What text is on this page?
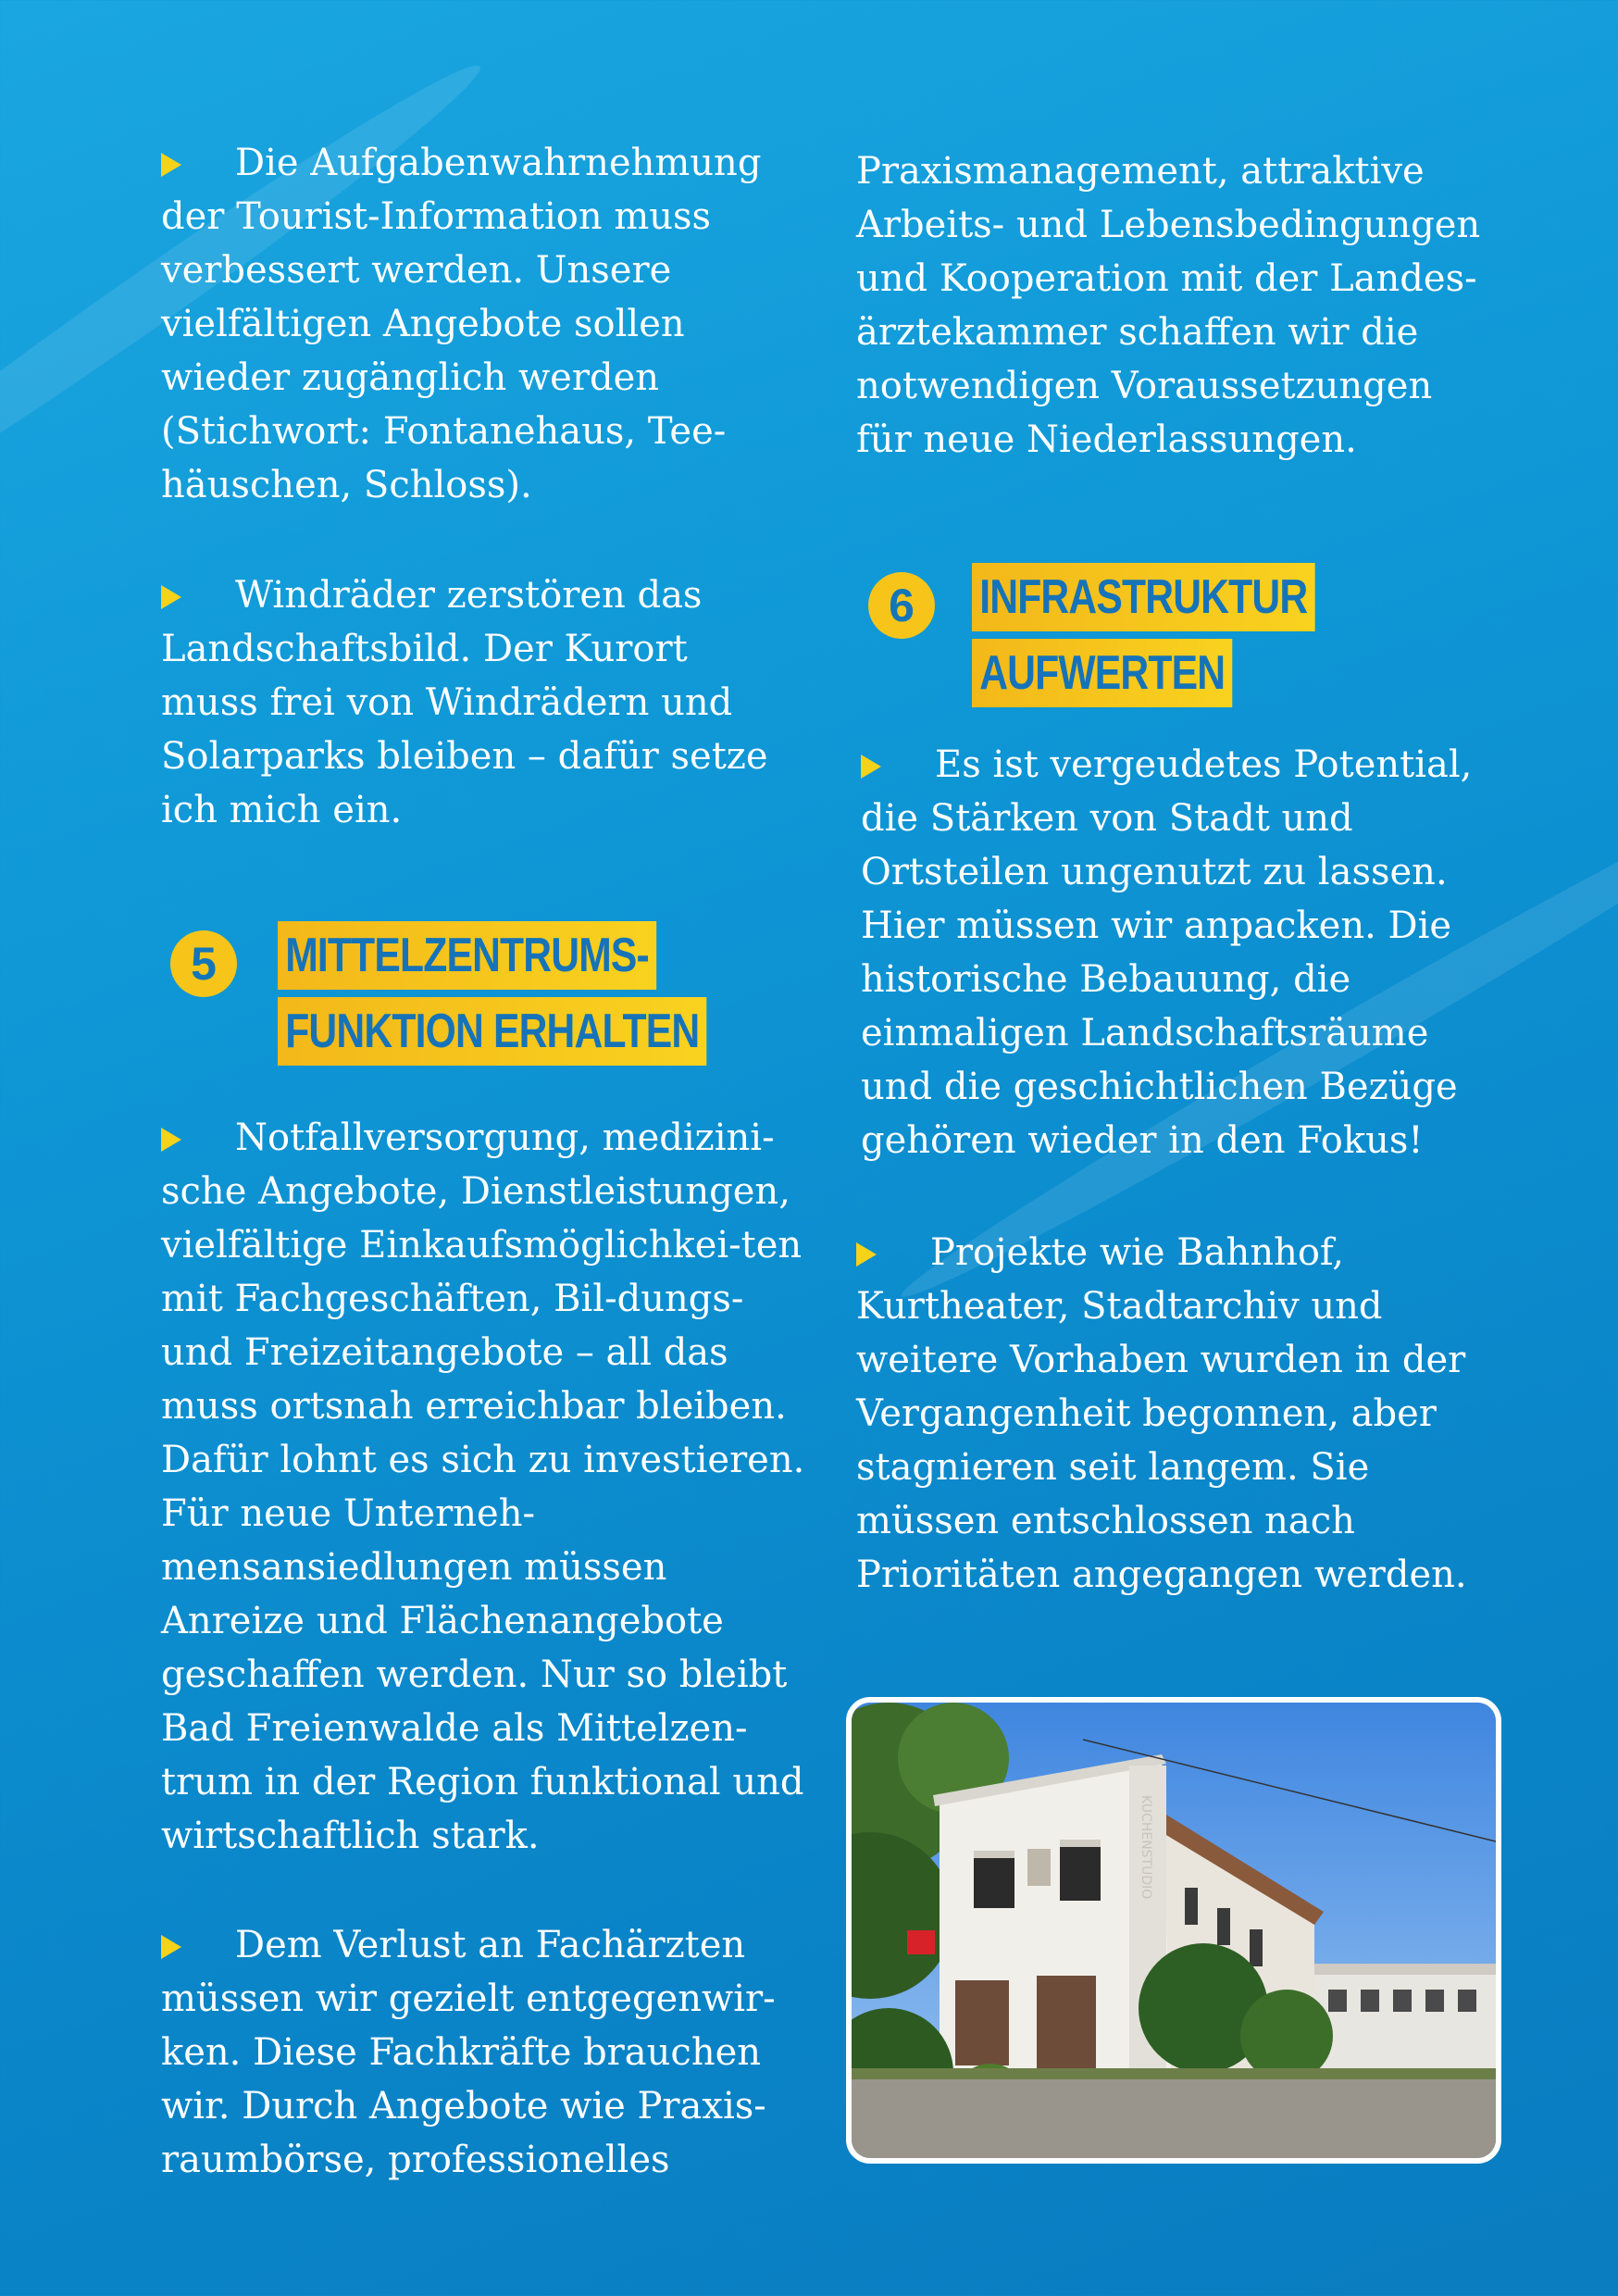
Die Aufgabenwahrnehmung der Tourist-Information muss verbessert werden. Unsere vielfältigen Angebote sollen wieder zugänglich werden (Stichwort: Fontanehaus, Tee-häuschen, Schloss).

Windräder zerstören das Landschaftsbild. Der Kurort muss frei von Windrädern und Solarparks bleiben – dafür setze ich mich ein.

5	MITTELZENTRUMS-
FUNKTION ERHALTEN

Notfallversorgung, medizini-sche Angebote, Dienstleistungen, vielfältige Einkaufsmöglichkei-ten mit Fachgeschäften, Bil-dungs- und Freizeitangebote – all das muss ortsnah erreichbar bleiben. Dafür lohnt es sich zu investieren. Für neue Unterneh-mensansiedlungen müssen Anreize und Flächenangebote geschaffen werden. Nur so bleibt Bad Freienwalde als Mittelzen-trum in der Region funktional und wirtschaftlich stark.

Dem Verlust an Fachärzten müssen wir gezielt entgegenwir-ken. Diese Fachkräfte brauchen wir. Durch Angebote wie Praxis-raumbörse, professionelles

Praxismanagement, attraktive Arbeits- und Lebensbedingungen und Kooperation mit der Landes-ärztekammer schaffen wir die notwendigen Voraussetzungen für neue Niederlassungen.

6	INFRASTRUKTUR
AUFWERTEN

Es ist vergeudetes Potential, die Stärken von Stadt und Ortsteilen ungenutzt zu lassen. Hier müssen wir anpacken. Die historische Bebauung, die einmaligen Landschaftsräume und die geschichtlichen Bezüge gehören wieder in den Fokus!

Projekte wie Bahnhof, Kurtheater, Stadtarchiv und weitere Vorhaben wurden in der Vergangenheit begonnen, aber stagnieren seit langem. Sie müssen entschlossen nach Prioritäten angegangen werden.

KUCHENSTUDIO
